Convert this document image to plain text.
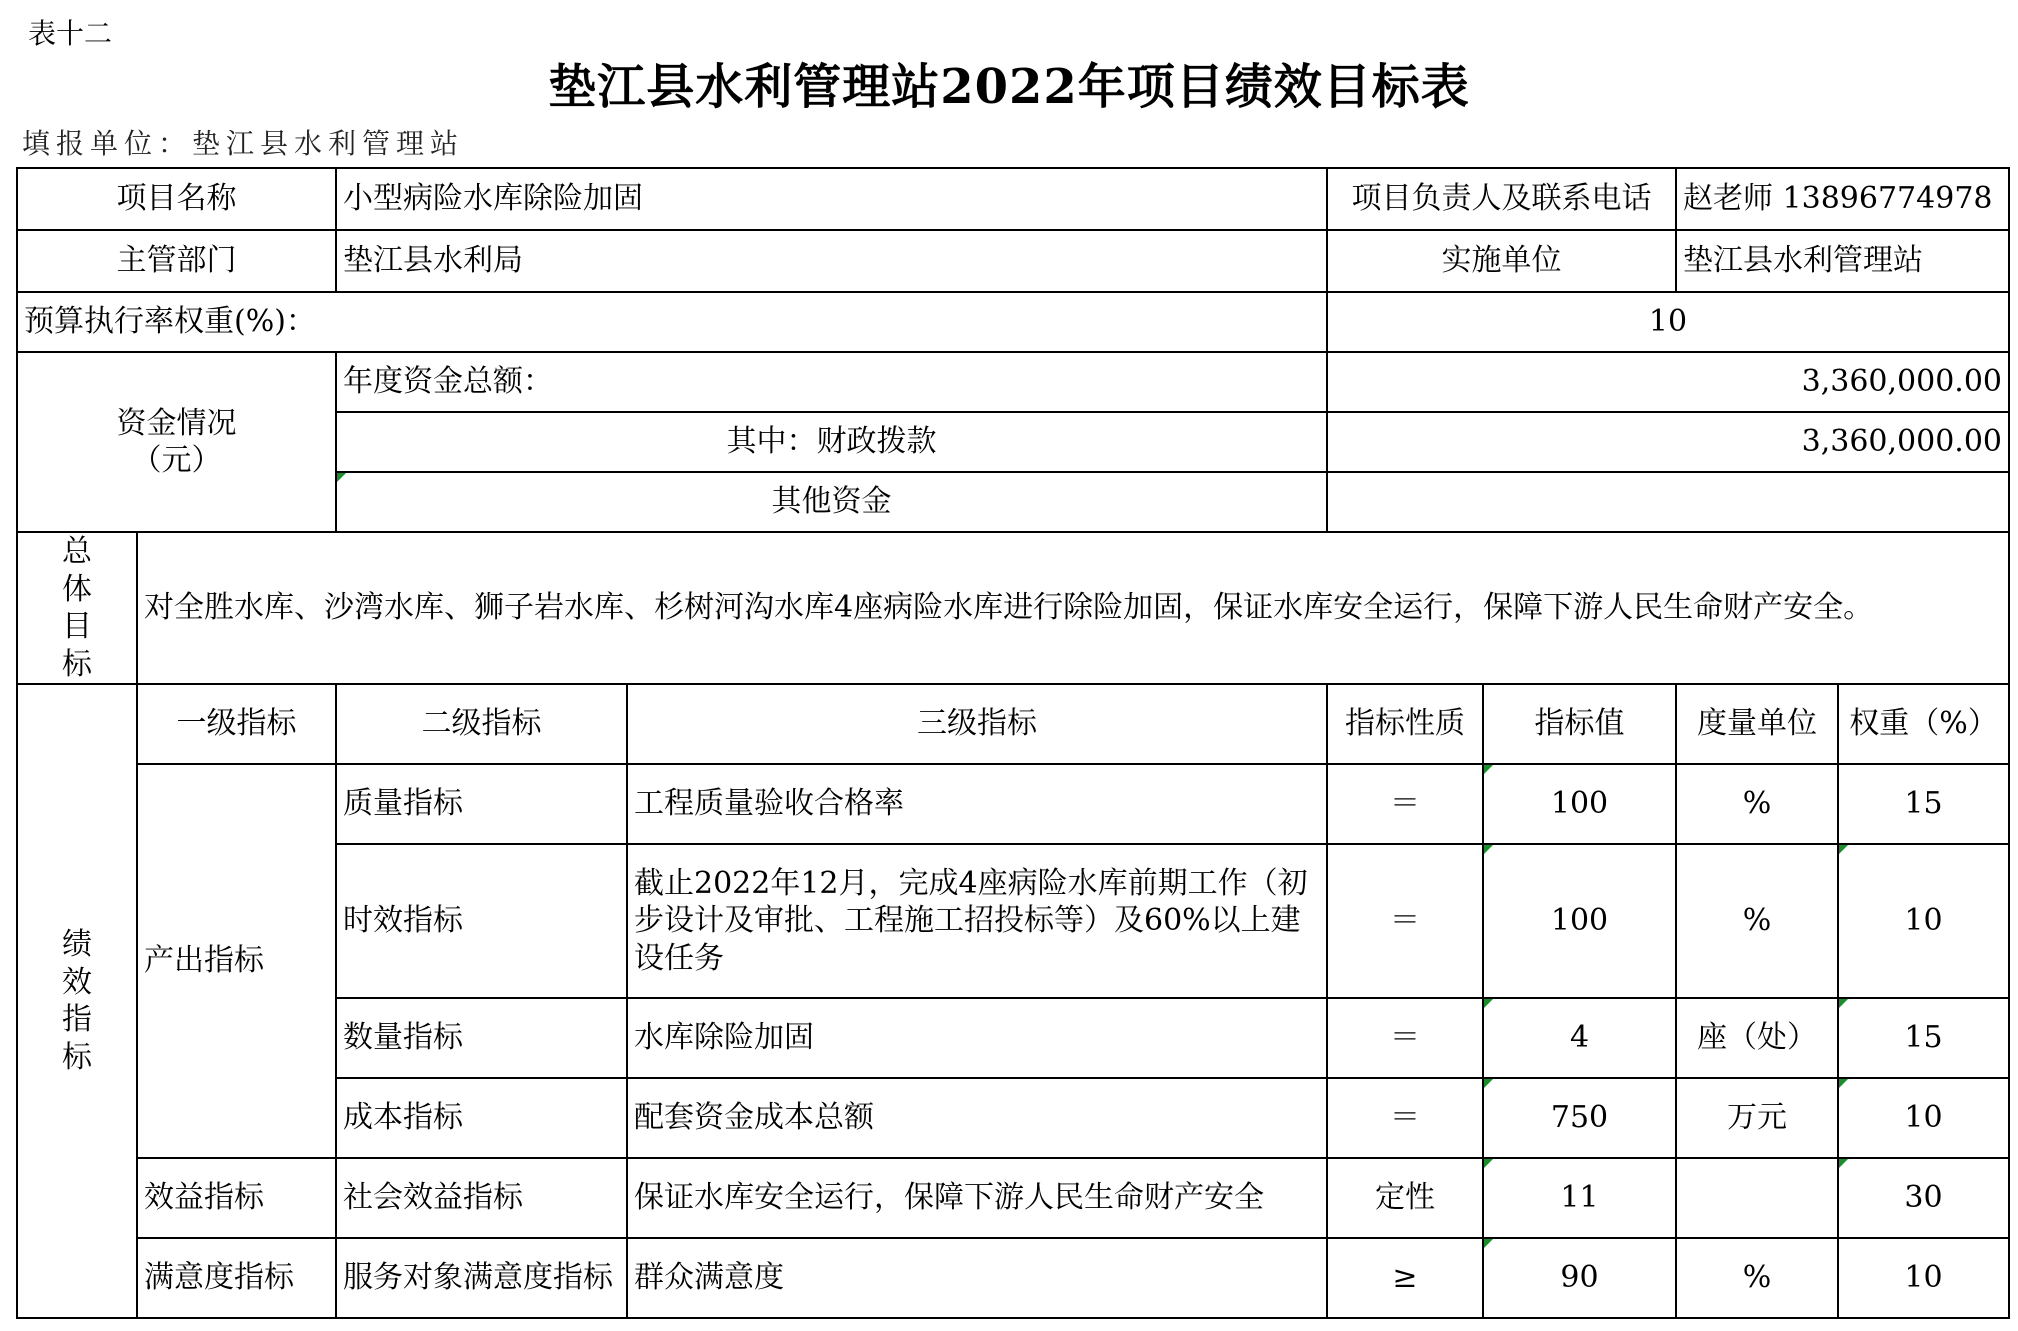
表十二
垫江县水利管理站2022年项目绩效目标表
填报单位：垫江县水利管理站
项目名称		小型病险水库除险加固		项目负责人及联系电话		赵老师 13896774978	
主管部门		垫江县水利局		实施单位		垫江县水利管理站	
预算执行率权重(%)：				10			

资金情况
（元）		年度资金总额：		3,360,000.00			
		其中：财政拨款		3,360,000.00			
		其他资金					

总
体
目
标	对全胜水库、沙湾水库、狮子岩水库、杉树河沟水库4座病险水库进行除险加固，保证水库安全运行，保障下游人民生命财产安全。						

绩
效
指
标	一级指标	二级指标	三级指标	指标性质	指标值	度量单位	权重（%）
	产出指标	质量指标	工程质量验收合格率	＝	100	%	15
		时效指标	截止2022年12月，完成4座病险水库前期工作（初步设计及审批、工程施工招投标等）及60%以上建设任务	＝	100	%	10
		数量指标	水库除险加固	＝	4	座（处）	15
		成本指标	配套资金成本总额	＝	750	万元	10
	效益指标	社会效益指标	保证水库安全运行，保障下游人民生命财产安全	定性	11		30
	满意度指标	服务对象满意度指标	群众满意度	≥	90	%	10
